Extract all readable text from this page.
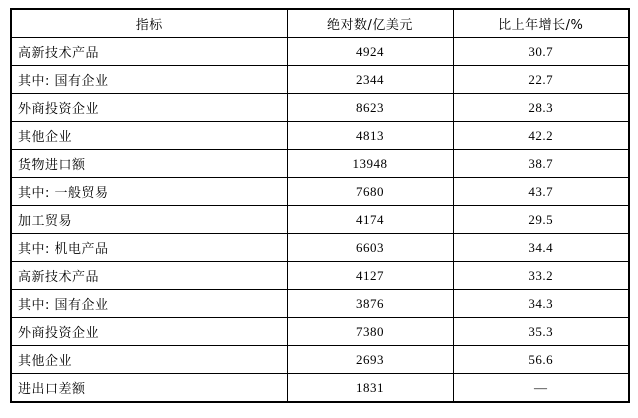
指标	绝对数/亿美元	比上年增长/%
高新技术产品	4924	30.7
其中: 国有企业	2344	22.7
外商投资企业	8623	28.3
其他企业	4813	42.2
货物进口额	13948	38.7
其中: 一般贸易	7680	43.7
加工贸易	4174	29.5
其中: 机电产品	6603	34.4
高新技术产品	4127	33.2
其中: 国有企业	3876	34.3
外商投资企业	7380	35.3
其他企业	2693	56.6
进出口差额	1831	—
